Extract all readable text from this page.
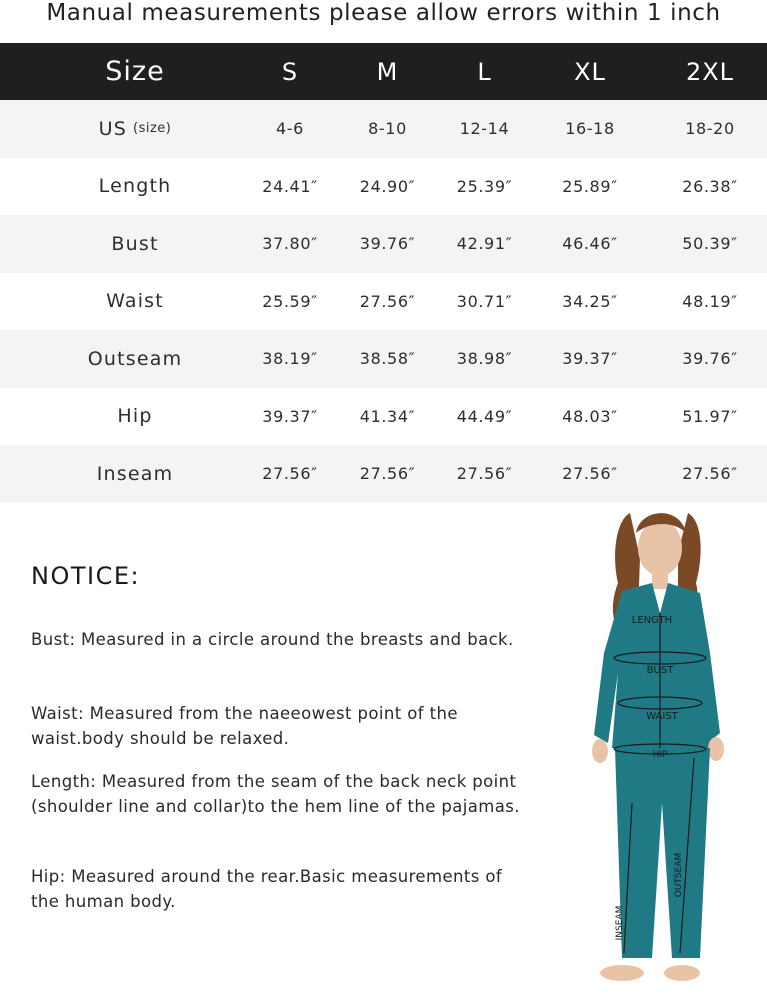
Manual measurements please allow errors within 1 inch
Size	S	M	L	XL	2XL
US (size)	4-6	8-10	12-14	16-18	18-20
Length	24.41″	24.90″	25.39″	25.89″	26.38″
Bust	37.80″	39.76″	42.91″	46.46″	50.39″
Waist	25.59″	27.56″	30.71″	34.25″	48.19″
Outseam	38.19″	38.58″	38.98″	39.37″	39.76″
Hip	39.37″	41.34″	44.49″	48.03″	51.97″
Inseam	27.56″	27.56″	27.56″	27.56″	27.56″
NOTICE:

Bust: Measured in a circle around the breasts and back.

Waist: Measured from the naeeowest point of the waist.body should be relaxed.

Length: Measured from the seam of the back neck point (shoulder line and collar)to the hem line of the pajamas.

Hip: Measured around the rear.Basic measurements of the human body.

LENGTH
BUST
WAIST
HIP
OUTSEAM
INSEAM
